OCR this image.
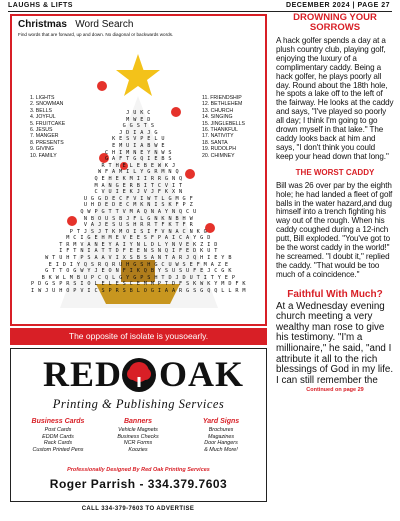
LAUGHS & LIFTS	DECEMBER 2024 | PAGE 27
Christmas Word Search
Find words that are forward, up and down. No diagonal or backwards words.
1. LIGHTS
2. SNOWMAN
3. BELLS
4. JOYFUL
5. FRUITCAKE
6. JESUS
7. MANGER
8. PRESENTS
9. GIVING
10. FAMILY
11. FRIENDSHIP
12. BETHLEHEM
13. CHURCH
14. SINGING
15. JINGLEBELLS
16. THANKFUL
17. NATIVITY
18. SANTA
19. RUDOLPH
20. CHIMNEY
J U K C
M W E D
G G S T S
J D I A J G
K E S V P E L U
E M U I A B W E
C H I M N E Y N W S
G A F T G Q I E B S
R T H E L E B E W K J
W F A M I L Y G R M N Q
Q E H E K M I I R R G N Q
M A N G E R B I T C V I T
C V U I E K J V J F K X N
U G G D E C F V I W T L G M G F
U H D E D E C M K N I S K F P Z
Q W P G T T V M A Q N A Y N Q C U
N B O U S B J F L G N K N B H W
V A J E S U S H R R T F K T F R
P T J S J T K M O I S I F V N A C N K G
M C I G E H M E V E E S F P A I C A Y G D
T R M V A N E Y A I Y N L D L Y N V E K Z I D
I F T N I A T T D F E E N S N Q I F E D K U T
W T U H T P S A A V I X S B S A N T A R J Q H I E Y B
E I D I Y Q S R Q R U H G S H G C U W S E F M A Z E
G T T O G W Y J E O N F I K Q B Y S U S U F E J C G K
B K W L M B U P C Q L G Y G P S H T D J D U T I T Y E P
P D G S P R S I O L E L E S C E M M P T D F S K W K Y M D F K
I W J U H O P V I C S P R S B L O G I A A R G S G Q Q L L R M
The opposite of isolate is yousoearly.
RED OAK
Printing & Publishing Services
Business Cards
Post Cards
EDDM Cards
Rack Cards
Custom Printed Pens
Banners
Vehicle Magnets
Business Checks
NCR Forms
Koozies
Yard Signs
Brochures
Magazines
Door Hangers
& Much More!
Professionally Designed By Red Oak Printing Services
Roger Parrish - 334.379.7603
CALL 334-379-7603 TO ADVERTISE
DROWNING YOUR SORROWS
A hack golfer spends a day at a plush country club, playing golf, enjoying the luxury of a complimentary caddy. Being a hack golfer, he plays poorly all day. Round about the 18th hole, he spots a lake off to the left of the fairway. He looks at the caddy and says, "I've played so poorly all day; I think I'm going to go drown myself in that lake." The caddy looks back at him and says, "I don't think you could keep your head down that long."
THE WORST CADDY
Bill was 26 over par by the eighth hole; he had landed a fleet of golf balls in the water hazard,and dug himself into a trench fighting his way out of the rough. When his caddy coughed during a 12-inch putt, Bill exploded. "You've got to be the worst caddy in the world!" he screamed. "I doubt it," replied the caddy. "That would be too much of a coincidence."
Faithful With Much?
At a Wednesday evening church meeting a very wealthy man rose to give his testimony. "I'm a millionaire," he said, "and I attribute it all to the rich blessings of God in my life. I can still remember the
Continued on page 29
